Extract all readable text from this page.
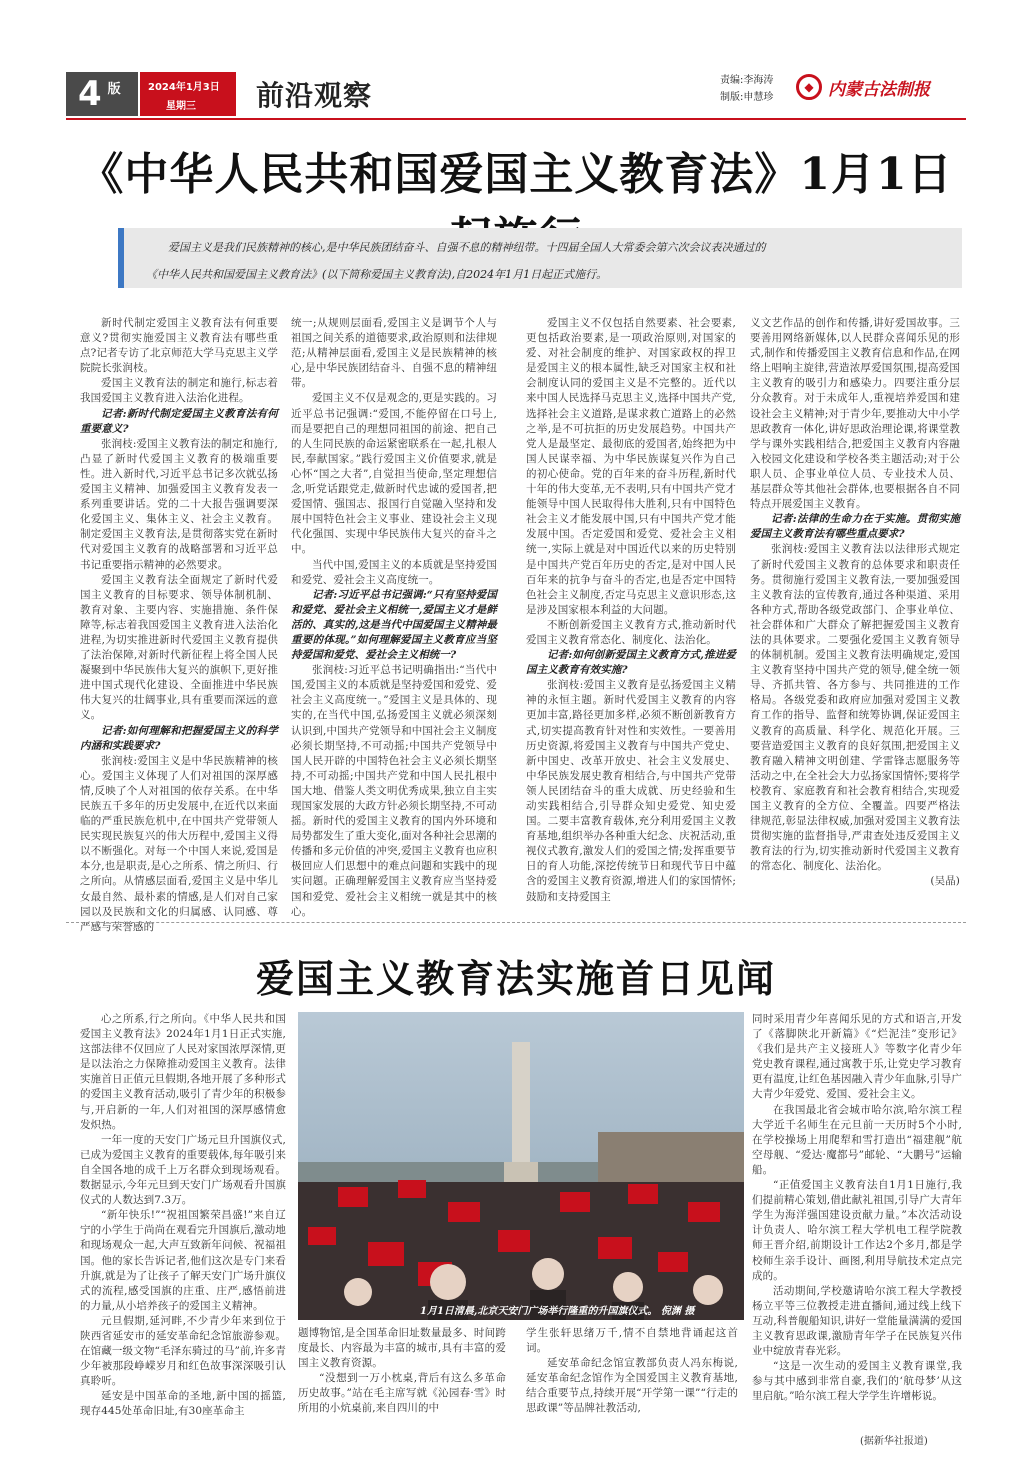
4 版	2024年1月3日
星期三	前沿观察	责编:李海涛
制版:申慧珍
◆ 内蒙古法制报
《中华人民共和国爱国主义教育法》1月1日
爱国主义是我们民族精神的核心,是中华民族团结奋斗、自强不息的精神纽带。十四届全国人大常委会第六次会议表决通过的
《中华人民共和国爱国主义教育法》(以下简称爱国主义教育法),自2024年1月1日起正式施行。

新时代制定爱国主义教育法有何重要意义?贯彻实施爱国主义教育法有哪些重点?记者专访了北京师范大学马克思主义学院院长张润枝。

爱国主义教育法的制定和施行,标志着我国爱国主义教育进入法治化进程。

记者:新时代制定爱国主义教育法有何重要意义?

张润枝:爱国主义教育法的制定和施行,凸显了新时代爱国主义教育的极端重要性。进入新时代,习近平总书记多次就弘扬爱国主义精神、加强爱国主义教育发表一系列重要讲话。党的二十大报告强调要深化爱国主义、集体主义、社会主义教育。制定爱国主义教育法,是贯彻落实党在新时代对爱国主义教育的战略部署和习近平总书记重要指示精神的必然要求。

爱国主义教育法全面规定了新时代爱国主义教育的目标要求、领导体制机制、教育对象、主要内容、实施措施、条件保障等,标志着我国爱国主义教育进入法治化进程,为切实推进新时代爱国主义教育提供了法治保障,对新时代新征程上将全国人民凝聚到中华民族伟大复兴的旗帜下,更好推进中国式现代化建设、全面推进中华民族伟大复兴的壮阔事业,具有重要而深远的意义。

记者:如何理解和把握爱国主义的科学内涵和实践要求?

张润枝:爱国主义是中华民族精神的核心。爱国主义体现了人们对祖国的深厚感情,反映了个人对祖国的依存关系。在中华民族五千多年的历史发展中,在近代以来面临的严重民族危机中,在中国共产党带领人民实现民族复兴的伟大历程中,爱国主义得以不断强化。对每一个中国人来说,爱国是本分,也是职责,是心之所系、情之所归、行之所向。从情感层面看,爱国主义是中华儿女最自然、最朴素的情感,是人们对自己家园以及民族和文化的归属感、认同感、尊严感与荣誉感的

统一;从规则层面看,爱国主义是调节个人与祖国之间关系的道德要求,政治原则和法律规范;从精神层面看,爱国主义是民族精神的核心,是中华民族团结奋斗、自强不息的精神纽带。

爱国主义不仅是观念的,更是实践的。习近平总书记强调:“爱国,不能停留在口号上,而是要把自己的理想同祖国的前途、把自己的人生同民族的命运紧密联系在一起,扎根人民,奉献国家。”践行爱国主义价值要求,就是心怀“国之大者”,自觉担当使命,坚定理想信念,听党话跟党走,做新时代忠诚的爱国者,把爱国情、强国志、报国行自觉融入坚持和发展中国特色社会主义事业、建设社会主义现代化强国、实现中华民族伟大复兴的奋斗之中。

当代中国,爱国主义的本质就是坚持爱国和爱党、爱社会主义高度统一。

记者:习近平总书记强调:“只有坚持爱国和爱党、爱社会主义相统一,爱国主义才是鲜活的、真实的,这是当代中国爱国主义精神最重要的体现。”如何理解爱国主义教育应当坚持爱国和爱党、爱社会主义相统一?

张润枝:习近平总书记明确指出:“当代中国,爱国主义的本质就是坚持爱国和爱党、爱社会主义高度统一。”爱国主义是具体的、现实的,在当代中国,弘扬爱国主义就必须深刻认识到,中国共产党领导和中国社会主义制度必须长期坚持,不可动摇;中国共产党领导中国人民开辟的中国特色社会主义必须长期坚持,不可动摇;中国共产党和中国人民扎根中国大地、借鉴人类文明优秀成果,独立自主实现国家发展的大政方针必须长期坚持,不可动摇。新时代的爱国主义教育的国内外环境和局势都发生了重大变化,面对各种社会思潮的传播和多元价值的冲突,爱国主义教育也应积极回应人们思想中的难点问题和实践中的现实问题。正确理解爱国主义教育应当坚持爱国和爱党、爱社会主义相统一就是其中的核心。

爱国主义不仅包括自然要素、社会要素,更包括政治要素,是一项政治原则,对国家的爱、对社会制度的维护、对国家政权的捍卫是爱国主义的根本属性,缺乏对国家主权和社会制度认同的爱国主义是不完整的。近代以来中国人民选择马克思主义,选择中国共产党,选择社会主义道路,是谋求救亡道路上的必然之举,是不可抗拒的历史发展趋势。中国共产党人是最坚定、最彻底的爱国者,始终把为中国人民谋幸福、为中华民族谋复兴作为自己的初心使命。党的百年来的奋斗历程,新时代十年的伟大变革,无不表明,只有中国共产党才能领导中国人民取得伟大胜利,只有中国特色社会主义才能发展中国,只有中国共产党才能发展中国。否定爱国和爱党、爱社会主义相统一,实际上就是对中国近代以来的历史特别是中国共产党百年历史的否定,是对中国人民百年来的抗争与奋斗的否定,也是否定中国特色社会主义制度,否定马克思主义意识形态,这是涉及国家根本利益的大问题。

不断创新爱国主义教育方式,推动新时代爱国主义教育常态化、制度化、法治化。

记者:如何创新爱国主义教育方式,推进爱国主义教育有效实施?

张润枝:爱国主义教育是弘扬爱国主义精神的永恒主题。新时代爱国主义教育的内容更加丰富,路径更加多样,必须不断创新教育方式,切实提高教育针对性和实效性。一要善用历史资源,将爱国主义教育与中国共产党史、新中国史、改革开放史、社会主义发展史、中华民族发展史教育相结合,与中国共产党带领人民团结奋斗的重大成就、历史经验和生动实践相结合,引导群众知史爱党、知史爱国。二要丰富教育载体,充分利用爱国主义教育基地,组织举办各种重大纪念、庆祝活动,重视仪式教育,激发人们的爱国之情;发挥重要节日的育人功能,深挖传统节日和现代节日中蕴含的爱国主义教育资源,增进人们的家国情怀;鼓励和支持爱国主

义文艺作品的创作和传播,讲好爱国故事。三要善用网络新媒体,以人民群众喜闻乐见的形式,制作和传播爱国主义教育信息和作品,在网络上唱响主旋律,营造浓厚爱国氛围,提高爱国主义教育的吸引力和感染力。四要注重分层分众教育。对于未成年人,重视培养爱国和建设社会主义精神;对于青少年,要推动大中小学思政教育一体化,讲好思政治理论课,将课堂教学与课外实践相结合,把爱国主义教育内容融入校园文化建设和学校各类主题活动;对于公职人员、企事业单位人员、专业技术人员、基层群众等其他社会群体,也要根据各自不同特点开展爱国主义教育。

记者:法律的生命力在于实施。贯彻实施爱国主义教育法有哪些重点要求?

张润枝:爱国主义教育法以法律形式规定了新时代爱国主义教育的总体要求和职责任务。贯彻施行爱国主义教育法,一要加强爱国主义教育法的宣传教育,通过各种渠道、采用各种方式,帮助各级党政部门、企事业单位、社会群体和广大群众了解把握爱国主义教育法的具体要求。二要强化爱国主义教育领导的体制机制。爱国主义教育法明确规定,爱国主义教育坚持中国共产党的领导,健全统一领导、齐抓共管、各方参与、共同推进的工作格局。各级党委和政府应加强对爱国主义教育工作的指导、监督和统筹协调,保证爱国主义教育的高质量、科学化、规范化开展。三要营造爱国主义教育的良好氛围,把爱国主义教育融入精神文明创建、学雷锋志愿服务等活动之中,在全社会大力弘扬家国情怀;要将学校教育、家庭教育和社会教育相结合,实现爱国主义教育的全方位、全覆盖。四要严格法律规范,彰显法律权威,加强对爱国主义教育法贯彻实施的监督指导,严肃查处违反爱国主义教育法的行为,切实推动新时代爱国主义教育的常态化、制度化、法治化。

(吴晶)

爱国主义教育法实施首日见闻

心之所系,行之所向。《中华人民共和国爱国主义教育法》2024年1月1日正式实施,这部法律不仅回应了人民对家国浓厚深情,更是以法治之力保障推动爱国主义教育。法律实施首日正值元旦假期,各地开展了多种形式的爱国主义教育活动,吸引了青少年的积极参与,开启新的一年,人们对祖国的深厚感情愈发炽热。

一年一度的天安门广场元旦升国旗仪式,已成为爱国主义教育的重要载体,每年吸引来自全国各地的成千上万名群众到现场观看。数据显示,今年元旦到天安门广场观看升国旗仪式的人数达到7.3万。

“新年快乐!”“祝祖国繁荣昌盛!”来自辽宁的小学生于尚尚在观看完升国旗后,激动地和现场观众一起,大声互致新年问候、祝福祖国。他的家长告诉记者,他们这次是专门来看升旗,就是为了让孩子了解天安门广场升旗仪式的流程,感受国旗的庄重、庄严,感悟前进的力量,从小培养孩子的爱国主义精神。

元旦假期,延河畔,不少青少年来到位于陕西省延安市的延安革命纪念馆旅游参观。在馆藏一级文物“毛泽东骑过的马”前,许多青少年被那段峥嵘岁月和红色故事深深吸引认真聆听。

延安是中国革命的圣地,新中国的摇篮,现存445处革命旧址,有30座革命主

1月1日清晨,北京天安门广场举行隆重的升国旗仪式。 倪渊 摄

题博物馆,是全国革命旧址数量最多、时间跨度最长、内容最为丰富的城市,具有丰富的爱国主义教育资源。

“没想到一万小枕桌,背后有这么多革命历史故事。”站在毛主席写就《沁园春·雪》时所用的小炕桌前,来自四川的中

学生张轩思绪万千,情不自禁地背诵起这首词。

延安革命纪念馆宣教部负责人冯东梅说,延安革命纪念馆作为全国爱国主义教育基地,结合重要节点,持续开展“开学第一课”“行走的思政课”等品牌社教活动,

同时采用青少年喜闻乐见的方式和语言,开发了《落脚陕北开新篇》《“烂泥洼”变形记》《我们是共产主义接班人》等数字化青少年党史教育课程,通过寓教于乐,让党史学习教育更有温度,让红色基因融入青少年血脉,引导广大青少年爱党、爱国、爱社会主义。

在我国最北省会城市哈尔滨,哈尔滨工程大学近千名师生在元旦前一天历时5个小时,在学校操场上用爬犁和雪打造出“福建舰”航空母舰、“爱达·魔都号”邮轮、“大鹏号”运输船。

“正值爱国主义教育法自1月1日施行,我们提前精心策划,借此献礼祖国,引导广大青年学生为海洋强国建设贡献力量。”本次活动设计负责人、哈尔滨工程大学机电工程学院教师王晋介绍,前期设计工作达2个多月,都是学校师生亲手设计、画图,利用导航技术定点完成的。

活动期间,学校邀请哈尔滨工程大学教授杨立平等三位教授走进直播间,通过线上线下互动,科普舰船知识,讲好一堂能量满满的爱国主义教育思政课,激励青年学子在民族复兴伟业中绽放青春光彩。

“这是一次生动的爱国主义教育课堂,我参与其中感到非常自豪,我们的‘航母梦’从这里启航。”哈尔滨工程大学学生许增彬说。

(据新华社报道)
